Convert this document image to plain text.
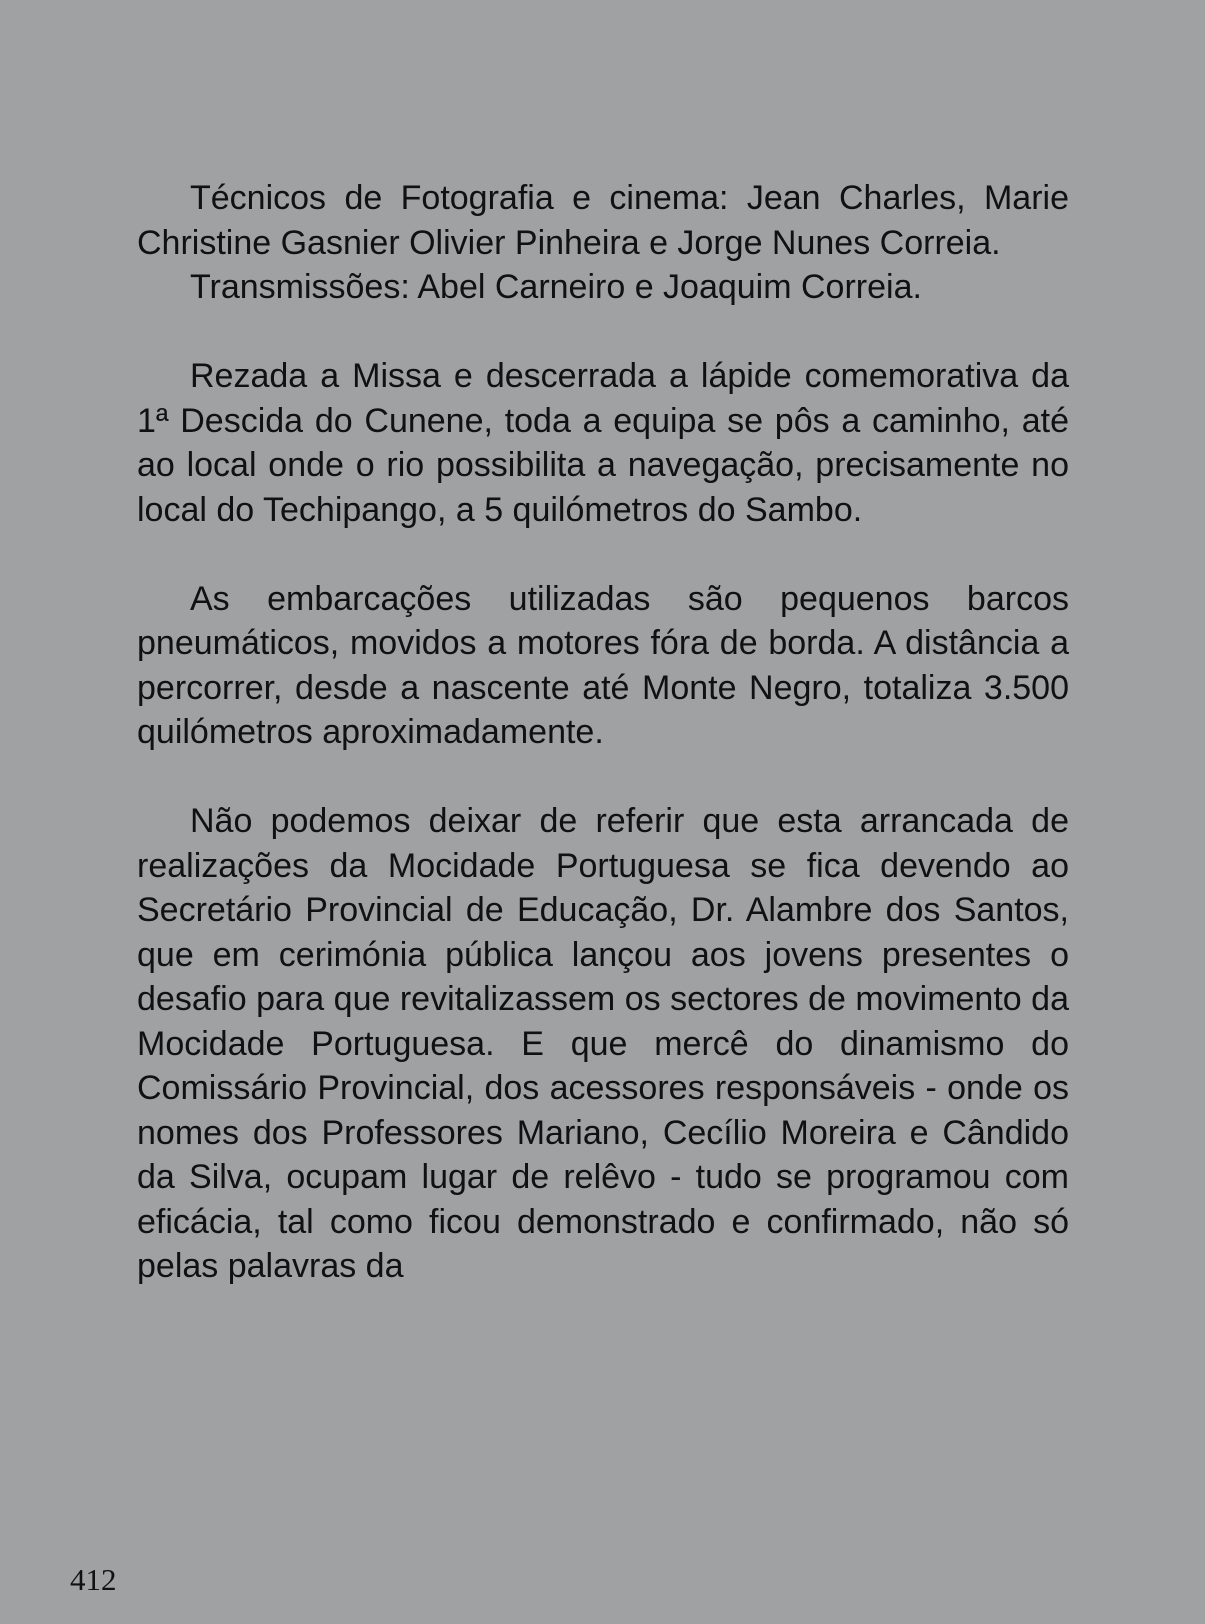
Técnicos de Fotografia e cinema: Jean Charles, Marie Christine Gasnier Olivier Pinheira e Jorge Nunes Correia.

Transmissões: Abel Carneiro e Joaquim Correia.

Rezada a Missa e descerrada a lápide comemorativa da 1ª Descida do Cunene, toda a equipa se pôs a caminho, até ao local onde o rio possibilita a navegação, precisamente no local do Techipango, a 5 quilómetros do Sambo.

As embarcações utilizadas são pequenos barcos pneumáticos, movidos a motores fóra de borda. A distância a percorrer, desde a nascente até Monte Negro, totaliza 3.500 quilómetros aproximadamente.

Não podemos deixar de referir que esta arrancada de realizações da Mocidade Portuguesa se fica devendo ao Secretário Provincial de Educação, Dr. Alambre dos Santos, que em cerimónia pública lançou aos jovens presentes o desafio para que revitalizassem os sectores de movimento da Mocidade Portuguesa. E que mercê do dinamismo do Comissário Provincial, dos acessores responsáveis - onde os nomes dos Professores Mariano, Cecílio Moreira e Cândido da Silva, ocupam lugar de relêvo - tudo se programou com eficácia, tal como ficou demonstrado e confirmado, não só pelas palavras da

412
